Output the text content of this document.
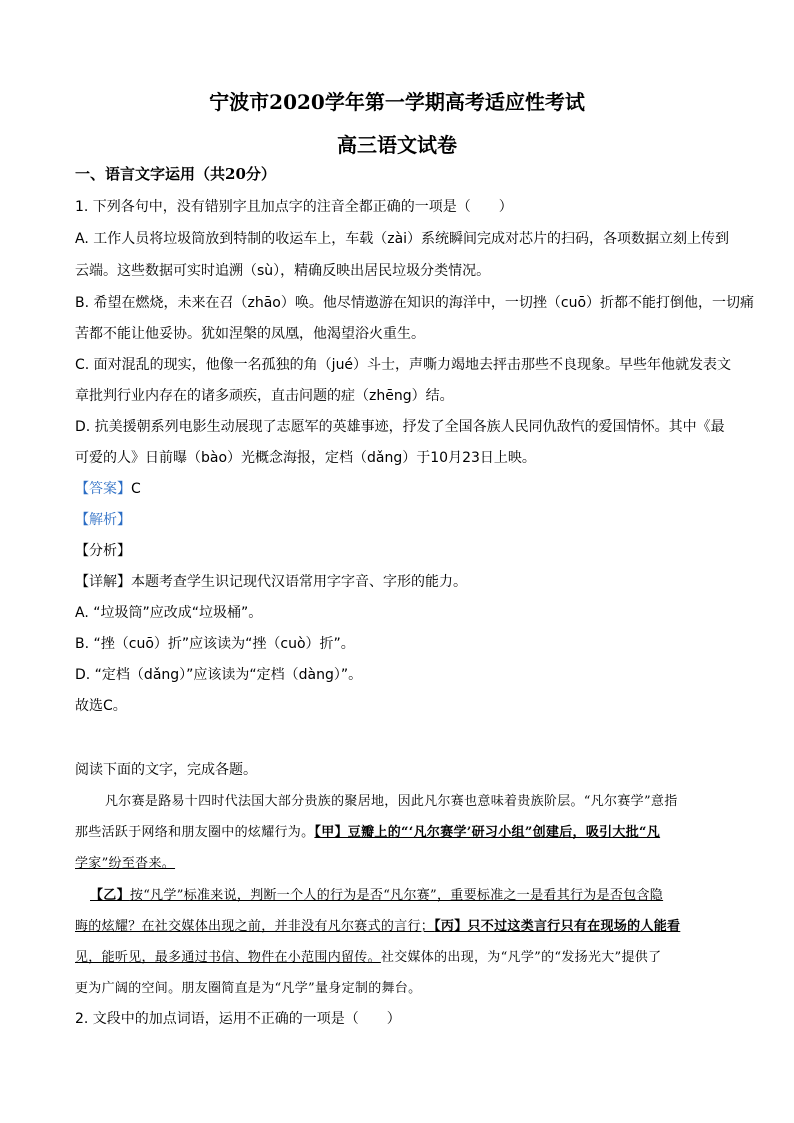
宁波市2020学年第一学期高考适应性考试
高三语文试卷
一、语言文字运用（共20分）
1. 下列各句中，没有错别字且加点字的注音全都正确的一项是（　　）
A. 工作人员将垃圾筒放到特制的收运车上，车载（zài）系统瞬间完成对芯片的扫码，各项数据立刻上传到
云端。这些数据可实时追溯（sù），精确反映出居民垃圾分类情况。
B. 希望在燃烧，未来在召（zhāo）唤。他尽情遨游在知识的海洋中，一切挫（cuō）折都不能打倒他，一切痛
苦都不能让他妥协。犹如涅槃的凤凰，他渴望浴火重生。
C. 面对混乱的现实，他像一名孤独的角（jué）斗士，声嘶力竭地去抨击那些不良现象。早些年他就发表文
章批判行业内存在的诸多顽疾，直击问题的症（zhēng）结。
D. 抗美援朝系列电影生动展现了志愿军的英雄事迹，抒发了全国各族人民同仇敌忾的爱国情怀。其中《最
可爱的人》日前曝（bào）光概念海报，定档（dǎng）于10月23日上映。
【答案】C
【解析】
【分析】
【详解】本题考查学生识记现代汉语常用字字音、字形的能力。
A. “垃圾筒”应改成“垃圾桶”。
B. “挫（cuō）折”应该读为“挫（cuò）折”。
D. “定档（dǎng）”应该读为“定档（dàng）”。
故选C。
阅读下面的文字，完成各题。
凡尔赛是路易十四时代法国大部分贵族的聚居地，因此凡尔赛也意味着贵族阶层。“凡尔赛学”意指
那些活跃于网络和朋友圈中的炫耀行为。【甲】豆瓣上的“‘凡尔赛学’研习小组”创建后，吸引大批“凡
学家”纷至沓来。
【乙】按“凡学”标准来说，判断一个人的行为是否“凡尔赛”，重要标准之一是看其行为是否包含隐
晦的炫耀？在社交媒体出现之前，并非没有凡尔赛式的言行；【丙】只不过这类言行只有在现场的人能看
见，能听见，最多通过书信、物件在小范围内留传。社交媒体的出现，为“凡学”的“发扬光大”提供了
更为广阔的空间。朋友圈简直是为“凡学”量身定制的舞台。
2. 文段中的加点词语，运用不正确的一项是（　　）
